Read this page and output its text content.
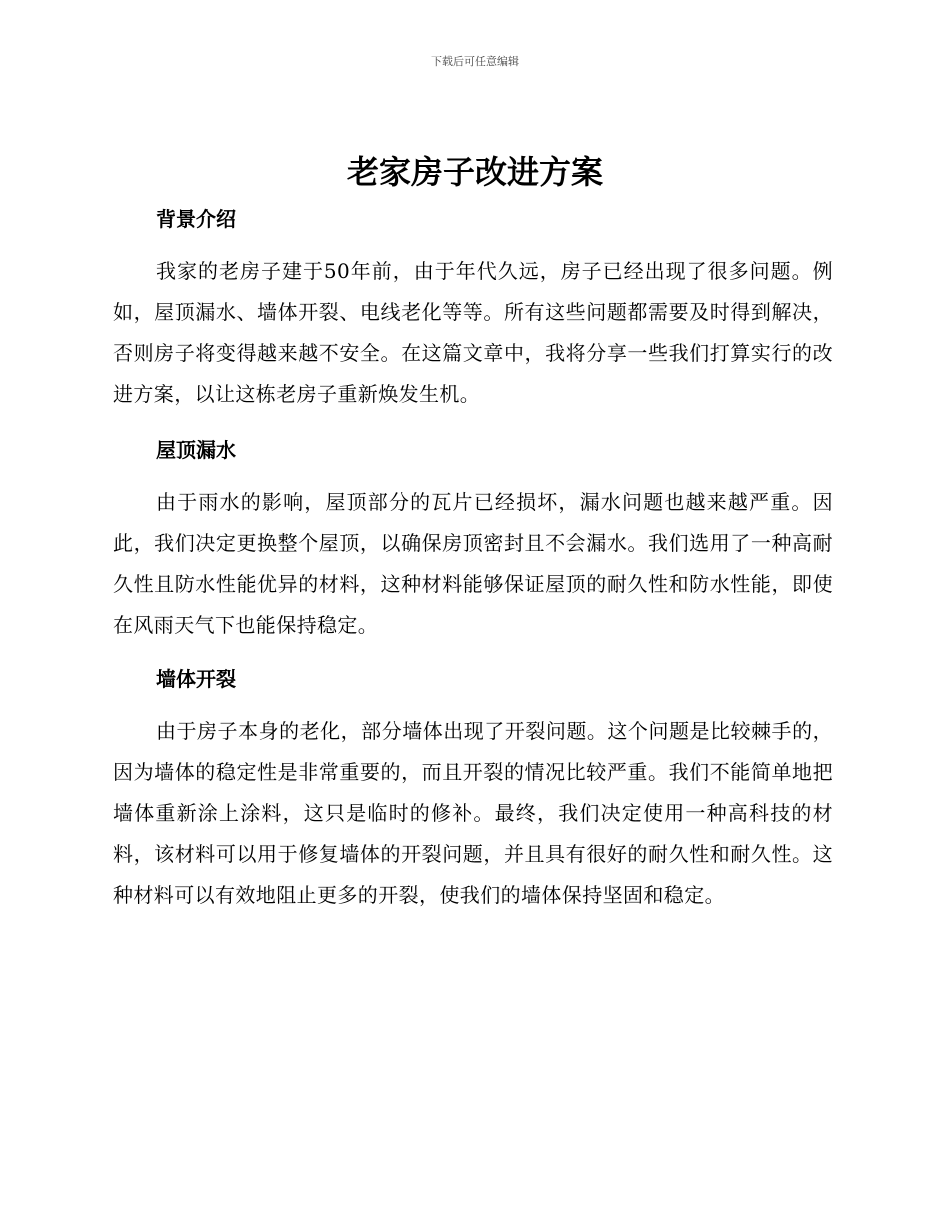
下载后可任意编辑
老家房子改进方案
背景介绍

我家的老房子建于50年前，由于年代久远，房子已经出现了很多问题。例如，屋顶漏水、墙体开裂、电线老化等等。所有这些问题都需要及时得到解决，否则房子将变得越来越不安全。在这篇文章中，我将分享一些我们打算实行的改进方案，以让这栋老房子重新焕发生机。

屋顶漏水

由于雨水的影响，屋顶部分的瓦片已经损坏，漏水问题也越来越严重。因此，我们决定更换整个屋顶，以确保房顶密封且不会漏水。我们选用了一种高耐久性且防水性能优异的材料，这种材料能够保证屋顶的耐久性和防水性能，即使在风雨天气下也能保持稳定。

墙体开裂

由于房子本身的老化，部分墙体出现了开裂问题。这个问题是比较棘手的，因为墙体的稳定性是非常重要的，而且开裂的情况比较严重。我们不能简单地把墙体重新涂上涂料，这只是临时的修补。最终，我们决定使用一种高科技的材料，该材料可以用于修复墙体的开裂问题，并且具有很好的耐久性和耐久性。这种材料可以有效地阻止更多的开裂，使我们的墙体保持坚固和稳定。
